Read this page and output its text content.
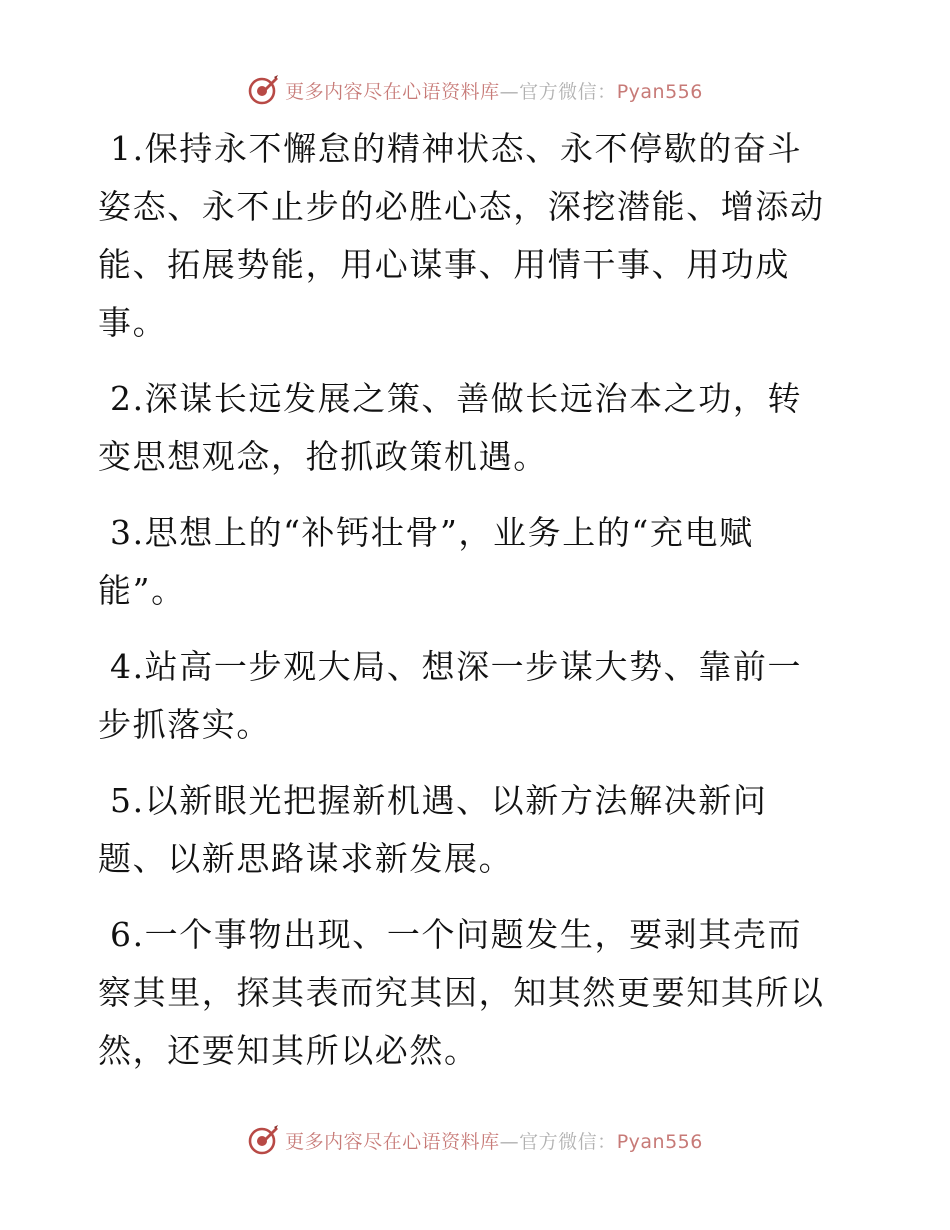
更多内容尽在心语资料库—官方微信：Pyan556

1.保持永不懈怠的精神状态、永不停歇的奋斗姿态、永不止步的必胜心态，深挖潜能、增添动能、拓展势能，用心谋事、用情干事、用功成事。

2.深谋长远发展之策、善做长远治本之功，转变思想观念，抢抓政策机遇。

3.思想上的“补钙壮骨”，业务上的“充电赋能”。

4.站高一步观大局、想深一步谋大势、靠前一步抓落实。

5.以新眼光把握新机遇、以新方法解决新问题、以新思路谋求新发展。

6.一个事物出现、一个问题发生，要剥其壳而察其里，探其表而究其因，知其然更要知其所以然，还要知其所以必然。

更多内容尽在心语资料库—官方微信：Pyan556
